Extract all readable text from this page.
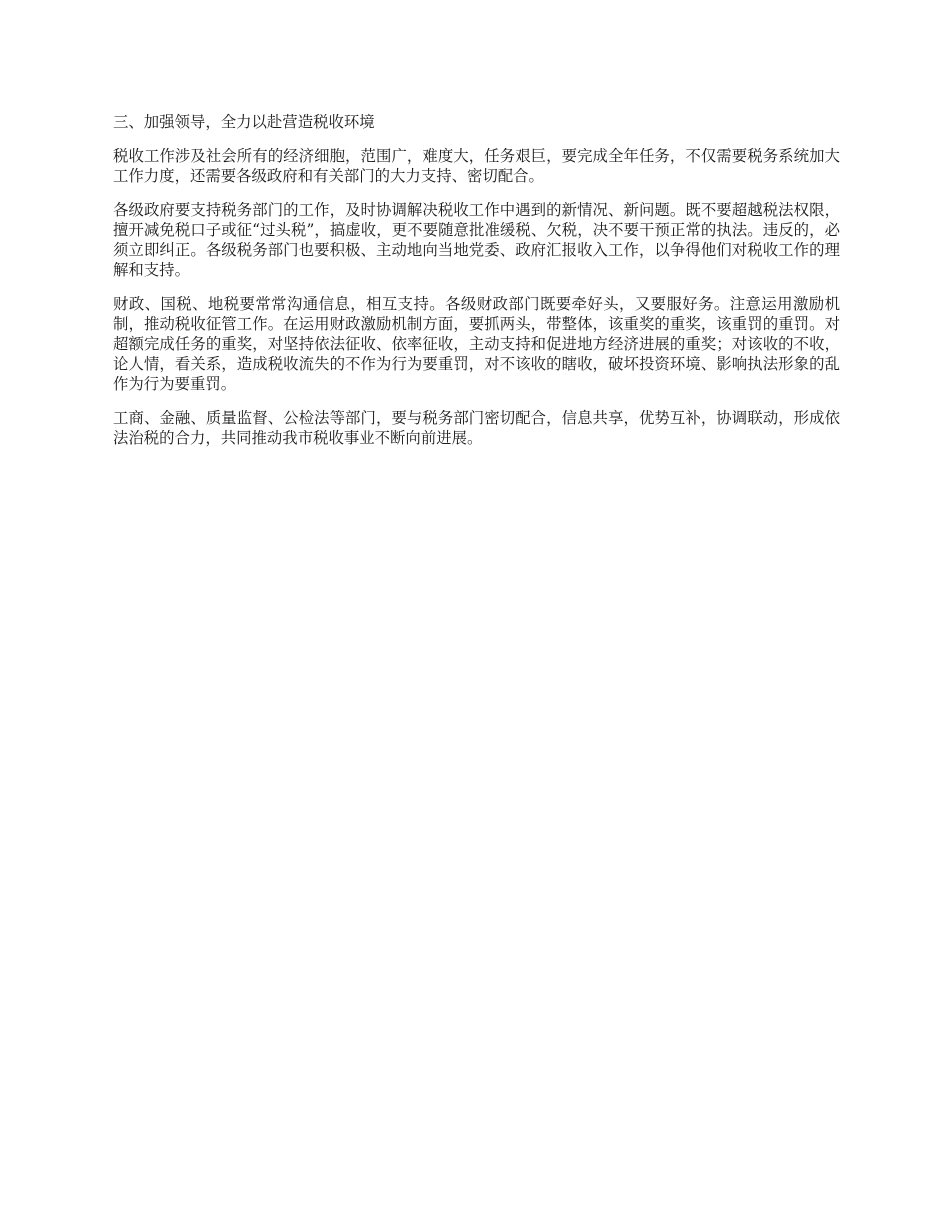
三、加强领导，全力以赴营造税收环境

税收工作涉及社会所有的经济细胞，范围广，难度大，任务艰巨，要完成全年任务，不仅需要税务系统加大工作力度，还需要各级政府和有关部门的大力支持、密切配合。

各级政府要支持税务部门的工作，及时协调解决税收工作中遇到的新情况、新问题。既不要超越税法权限，擅开减免税口子或征“过头税”，搞虚收，更不要随意批准缓税、欠税，决不要干预正常的执法。违反的，必须立即纠正。各级税务部门也要积极、主动地向当地党委、政府汇报收入工作，以争得他们对税收工作的理解和支持。

财政、国税、地税要常常沟通信息，相互支持。各级财政部门既要牵好头，又要服好务。注意运用激励机制，推动税收征管工作。在运用财政激励机制方面，要抓两头，带整体，该重奖的重奖，该重罚的重罚。对超额完成任务的重奖，对坚持依法征收、依率征收，主动支持和促进地方经济进展的重奖；对该收的不收，论人情，看关系，造成税收流失的不作为行为要重罚，对不该收的瞎收，破坏投资环境、影响执法形象的乱作为行为要重罚。

工商、金融、质量监督、公检法等部门，要与税务部门密切配合，信息共享，优势互补，协调联动，形成依法治税的合力，共同推动我市税收事业不断向前进展。
